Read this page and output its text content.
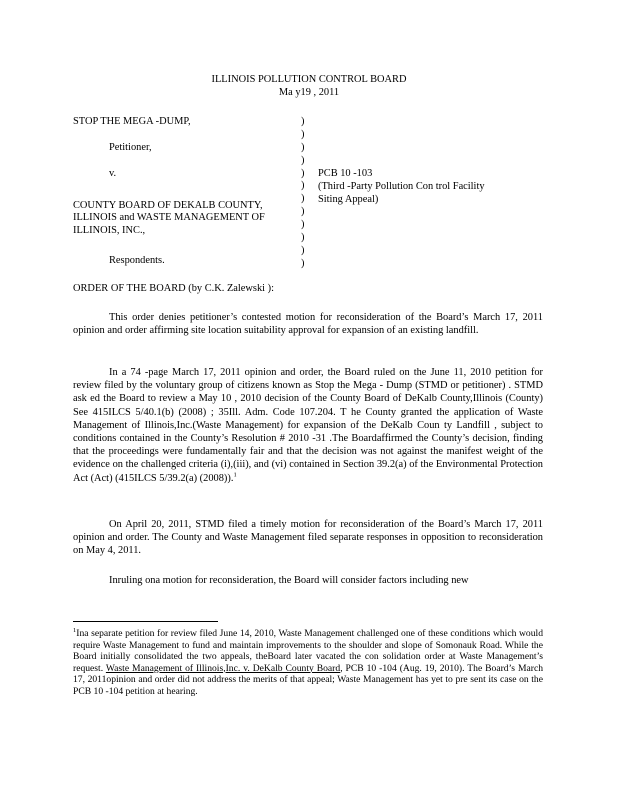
ILLINOIS POLLUTION CONTROL BOARD
Ma y19 , 2011
STOP THE MEGA -DUMP,
Petitioner,
v.
COUNTY BOARD OF DEKALB COUNTY,
ILLINOIS and WASTE MANAGEMENT OF
ILLINOIS, INC.,
Respondents.
)
)
)
)
)
)
)
)
)
)
)
)
PCB 10 -103
(Third -Party Pollution Con trol Facility
Siting Appeal)
ORDER OF THE BOARD (by C.K. Zalewski ):
This order denies petitioner’s contested motion for reconsideration of the Board’s March 17, 2011 opinion and order affirming site location suitability approval for expansion of an existing landfill.
In a 74 -page March 17, 2011 opinion and order, the Board ruled on the June 11, 2010 petition for review filed by the voluntary group of citizens known as Stop the Mega - Dump (STMD or petitioner) . STMD ask ed the Board to review a May 10 , 2010 decision of the County Board of DeKalb County,Illinois (County) See 415ILCS 5/40.1(b) (2008) ; 35Ill. Adm. Code 107.204. T he County granted the application of Waste Management of Illinois,Inc.(Waste Management) for expansion of the DeKalb Coun ty Landfill , subject to conditions contained in the County’s Resolution # 2010 -31 .The Boardaffirmed the County’s decision, finding that the proceedings were fundamentally fair and that the decision was not against the manifest weight of the evidence on the challenged criteria (i),(iii), and (vi) contained in Section 39.2(a) of the Environmental Protection Act (Act) (415ILCS 5/39.2(a) (2008)).$^1$
On April 20, 2011, STMD filed a timely motion for reconsideration of the Board’s March 17, 2011 opinion and order. The County and Waste Management filed separate responses in opposition to reconsideration on May 4, 2011.
Inruling ona motion for reconsideration, the Board will consider factors including new
$^1$Ina separate petition for review filed June 14, 2010, Waste Management challenged one of these conditions which would require Waste Management to fund and maintain improvements to the shoulder and slope of Somonauk Road. While the Board initially consolidated the two appeals, theBoard later vacated the con solidation order at Waste Management’s request. Waste Management of Illinois,Inc. v. DeKalb County Board, PCB 10 -104 (Aug. 19, 2010). The Board’s March 17, 2011opinion and order did not address the merits of that appeal; Waste Management has yet to pre sent its case on the PCB 10 -104 petition at hearing.
